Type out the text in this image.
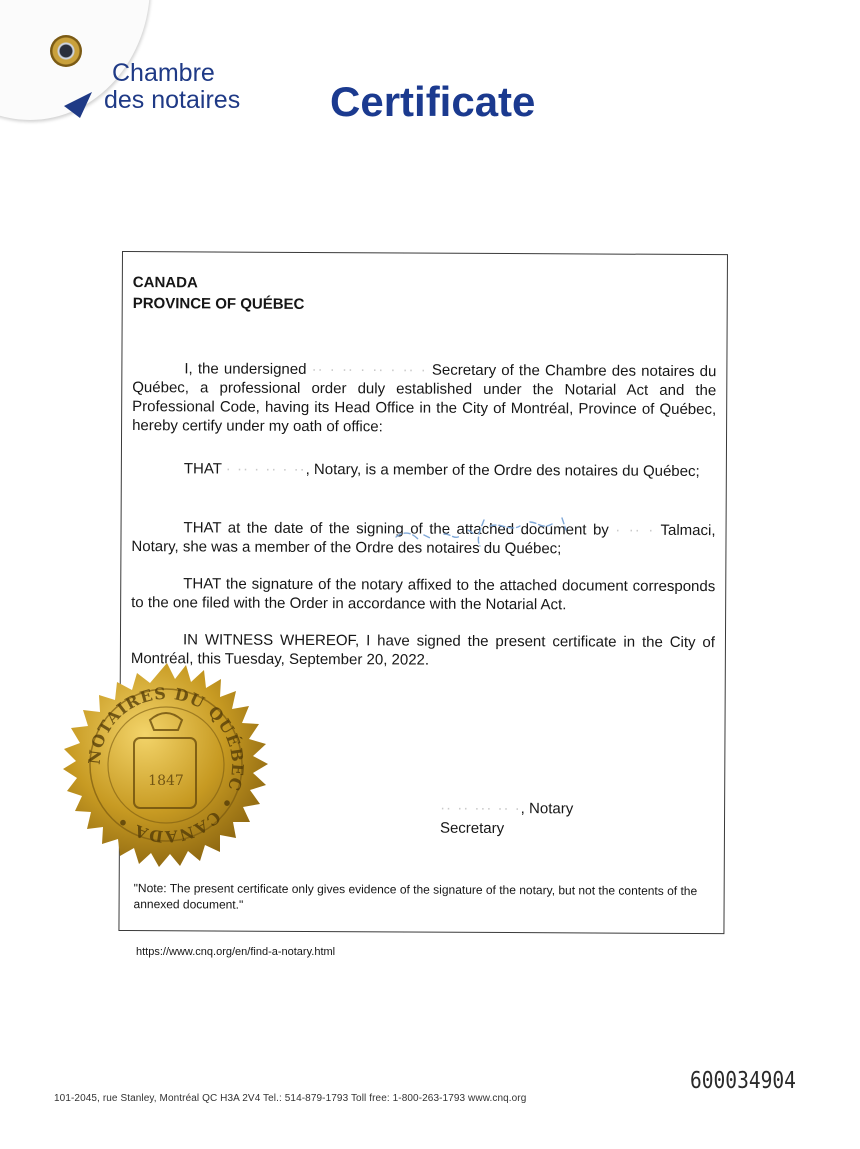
Chambre
des notaires Certificate
CANADA
PROVINCE OF QUÉBEC

I, the undersigned ·· · ·· · ·· · ·· · Secretary of the Chambre des notaires du Québec, a professional order duly established under the Notarial Act and the Professional Code, having its Head Office in the City of Montréal, Province of Québec, hereby certify under my oath of office:

THAT · ·· · ·· · ··, Notary, is a member of the Ordre des notaires du Québec;

THAT at the date of the signing of the attached document by · ·· · Talmaci, Notary, she was a member of the Ordre des notaires du Québec;

THAT the signature of the notary affixed to the attached document corresponds to the one filed with the Order in accordance with the Notarial Act.

IN WITNESS WHEREOF, I have signed the present certificate in the City of Montréal, this Tuesday, September 20, 2022.

·· ·· ··· ·· ·, Notary
Secretary

"Note: The present certificate only gives evidence of the signature of the notary, but not the contents of the annexed document."

1847
NOTAIRES DU QUÉBEC • CANADA •
https://www.cnq.org/en/find-a-notary.html
101-2045, rue Stanley, Montréal QC H3A 2V4 Tel.: 514-879-1793 Toll free: 1-800-263-1793 www.cnq.org
600034904
